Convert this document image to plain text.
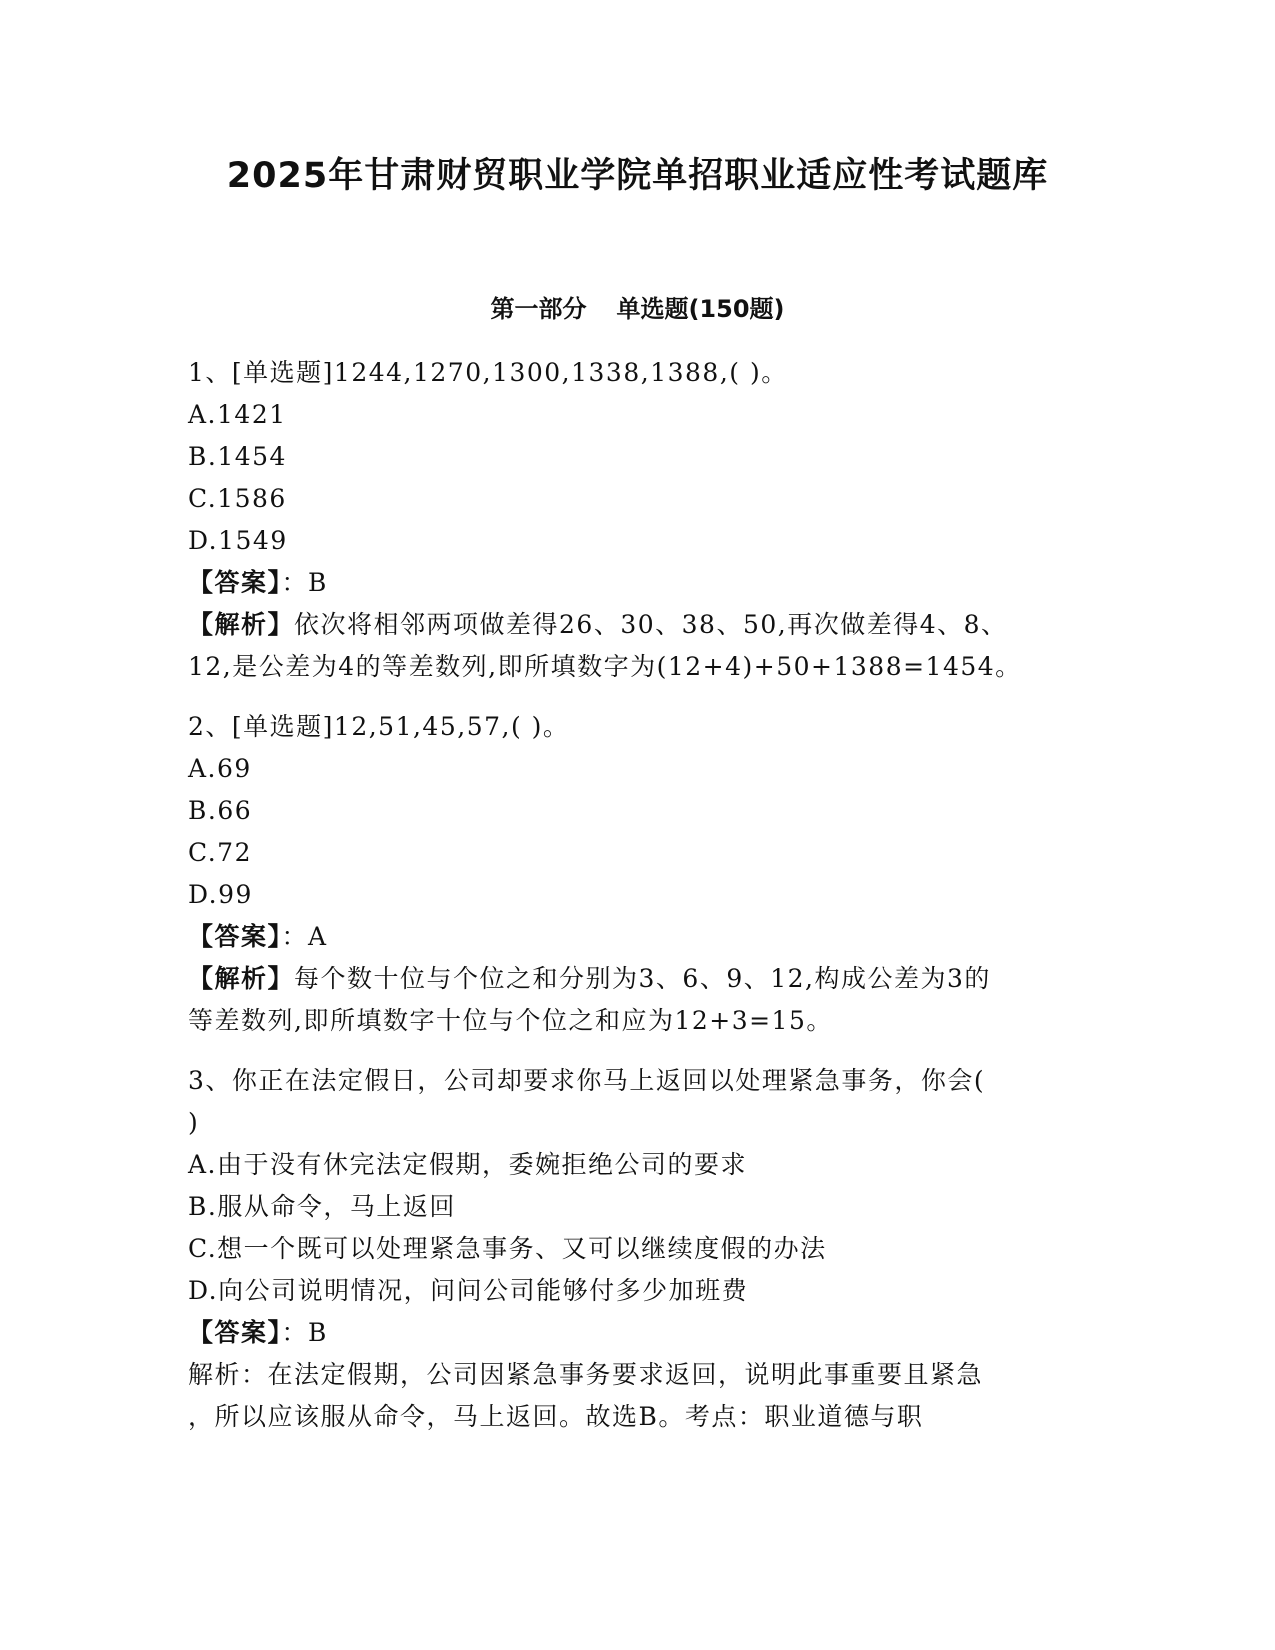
2025年甘肃财贸职业学院单招职业适应性考试题库
第一部分 单选题(150题)
1、[单选题]1244,1270,1300,1338,1388,( )。
A.1421
B.1454
C.1586
D.1549
【答案】：B
【解析】依次将相邻两项做差得26、30、38、50,再次做差得4、8、
12,是公差为4的等差数列,即所填数字为(12+4)+50+1388=1454。
2、[单选题]12,51,45,57,( )。
A.69
B.66
C.72
D.99
【答案】：A
【解析】每个数十位与个位之和分别为3、6、9、12,构成公差为3的
等差数列,即所填数字十位与个位之和应为12+3=15。
3、你正在法定假日，公司却要求你马上返回以处理紧急事务，你会(
)
A.由于没有休完法定假期，委婉拒绝公司的要求
B.服从命令，马上返回
C.想一个既可以处理紧急事务、又可以继续度假的办法
D.向公司说明情况，问问公司能够付多少加班费
【答案】：B
解析：在法定假期，公司因紧急事务要求返回，说明此事重要且紧急
，所以应该服从命令，马上返回。故选B。考点：职业道德与职
